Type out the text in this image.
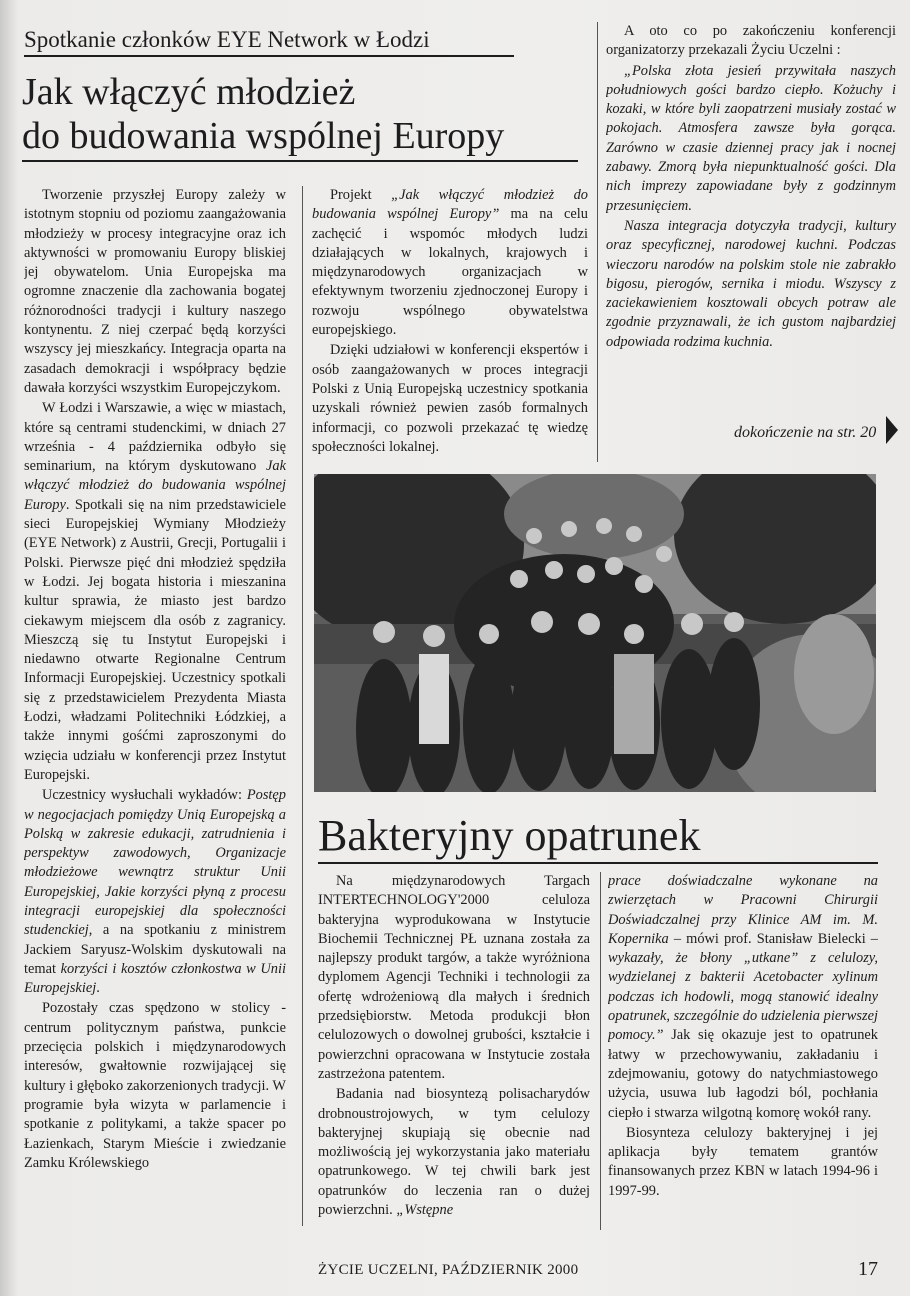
Spotkanie członków EYE Network w Łodzi
Jak włączyć młodzież
do budowania wspólnej Europy

Tworzenie przyszłej Europy zależy w istotnym stopniu od poziomu zaangażowania młodzieży w procesy integracyjne oraz ich aktywności w promowaniu Europy bliskiej jej obywatelom. Unia Europejska ma ogromne znaczenie dla zachowania bogatej różnorodności tradycji i kultury naszego kontynentu. Z niej czerpać będą korzyści wszyscy jej mieszkańcy. Integracja oparta na zasadach demokracji i współpracy będzie dawała korzyści wszystkim Europejczykom.

W Łodzi i Warszawie, a więc w miastach, które są centrami studenckimi, w dniach 27 września - 4 października odbyło się seminarium, na którym dyskutowano Jak włączyć młodzież do budowania wspólnej Europy. Spotkali się na nim przedstawiciele sieci Europejskiej Wymiany Młodzieży (EYE Network) z Austrii, Grecji, Portugalii i Polski. Pierwsze pięć dni młodzież spędziła w Łodzi. Jej bogata historia i mieszanina kultur sprawia, że miasto jest bardzo ciekawym miejscem dla osób z zagranicy. Mieszczą się tu Instytut Europejski i niedawno otwarte Regionalne Centrum Informacji Europejskiej. Uczestnicy spotkali się z przedstawicielem Prezydenta Miasta Łodzi, władzami Politechniki Łódzkiej, a także innymi gośćmi zaproszonymi do wzięcia udziału w konferencji przez Instytut Europejski.

Uczestnicy wysłuchali wykładów: Postęp w negocjacjach pomiędzy Unią Europejską a Polską w zakresie edukacji, zatrudnienia i perspektyw zawodowych, Organizacje młodzieżowe wewnątrz struktur Unii Europejskiej, Jakie korzyści płyną z procesu integracji europejskiej dla społeczności studenckiej, a na spotkaniu z ministrem Jackiem Saryusz-Wolskim dyskutowali na temat korzyści i kosztów członkostwa w Unii Europejskiej.

Pozostały czas spędzono w stolicy - centrum politycznym państwa, punkcie przecięcia polskich i międzynarodowych interesów, gwałtownie rozwijającej się kultury i głęboko zakorzenionych tradycji. W programie była wizyta w parlamencie i spotkanie z politykami, a także spacer po Łazienkach, Starym Mieście i zwiedzanie Zamku Królewskiego

Projekt „Jak włączyć młodzież do budowania wspólnej Europy” ma na celu zachęcić i wspomóc młodych ludzi działających w lokalnych, krajowych i międzynarodowych organizacjach w efektywnym tworzeniu zjednoczonej Europy i rozwoju wspólnego obywatelstwa europejskiego.

Dzięki udziałowi w konferencji ekspertów i osób zaangażowanych w proces integracji Polski z Unią Europejską uczestnicy spotkania uzyskali również pewien zasób formalnych informacji, co pozwoli przekazać tę wiedzę społeczności lokalnej.

A oto co po zakończeniu konferencji organizatorzy przekazali Życiu Uczelni :

„Polska złota jesień przywitała naszych południowych gości bardzo ciepło. Kożuchy i kozaki, w które byli zaopatrzeni musiały zostać w pokojach. Atmosfera zawsze była gorąca. Zarówno w czasie dziennej pracy jak i nocnej zabawy. Zmorą była niepunktualność gości. Dla nich imprezy zapowiadane były z godzinnym przesunięciem.

Nasza integracja dotyczyła tradycji, kultury oraz specyficznej, narodowej kuchni. Podczas wieczoru narodów na polskim stole nie zabrakło bigosu, pierogów, sernika i miodu. Wszyscy z zaciekawieniem kosztowali obcych potraw ale zgodnie przyznawali, że ich gustom najbardziej odpowiada rodzima kuchnia.

dokończenie na str. 20
Bakteryjny opatrunek

Na międzynarodowych Targach INTERTECHNOLOGY'2000 celuloza bakteryjna wyprodukowana w Instytucie Biochemii Technicznej PŁ uznana została za najlepszy produkt targów, a także wyróżniona dyplomem Agencji Techniki i technologii za ofertę wdrożeniową dla małych i średnich przedsiębiorstw. Metoda produkcji błon celulozowych o dowolnej grubości, kształcie i powierzchni opracowana w Instytucie została zastrzeżona patentem.

Badania nad biosyntezą polisacharydów drobnoustrojowych, w tym celulozy bakteryjnej skupiają się obecnie nad możliwością jej wykorzystania jako materiału opatrunkowego. W tej chwili bark jest opatrunków do leczenia ran o dużej powierzchni. „Wstępne

prace doświadczalne wykonane na zwierzętach w Pracowni Chirurgii Doświadczalnej przy Klinice AM im. M. Kopernika – mówi prof. Stanisław Bielecki – wykazały, że błony „utkane” z celulozy, wydzielanej z bakterii Acetobacter xylinum podczas ich hodowli, mogą stanowić idealny opatrunek, szczególnie do udzielenia pierwszej pomocy.” Jak się okazuje jest to opatrunek łatwy w przechowywaniu, zakładaniu i zdejmowaniu, gotowy do natychmiastowego użycia, usuwa lub łagodzi ból, pochłania ciepło i stwarza wilgotną komorę wokół rany.

Biosynteza celulozy bakteryjnej i jej aplikacja były tematem grantów finansowanych przez KBN w latach 1994-96 i 1997-99.

ŻYCIE UCZELNI, PAŹDZIERNIK 2000	17
